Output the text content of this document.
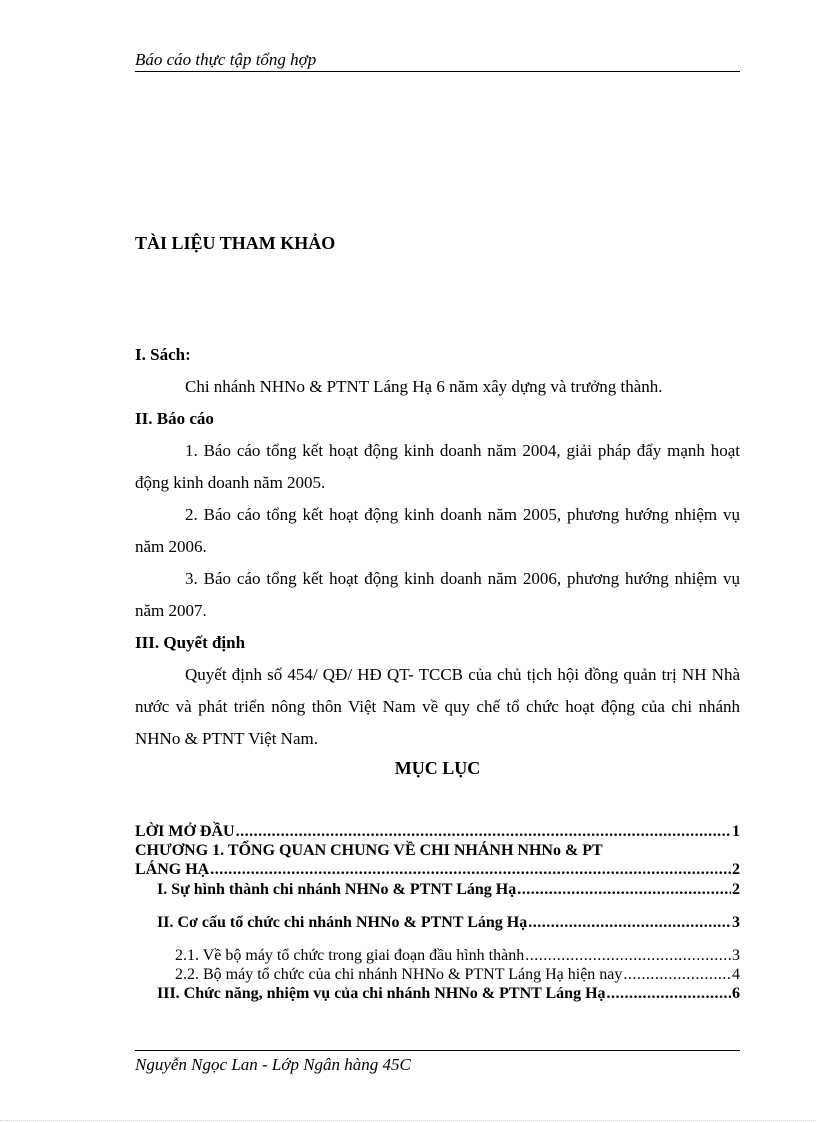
Báo cáo thực tập tổng hợp
TÀI LIỆU THAM KHẢO
I. Sách:
Chi nhánh NHNo & PTNT Láng Hạ 6 năm xây dựng và trưởng thành.
II. Báo cáo
1. Báo cáo tổng kết hoạt động kinh doanh năm 2004, giải pháp đẩy mạnh hoạt động kinh doanh năm 2005.
2. Báo cáo tổng kết hoạt động kinh doanh năm 2005, phương hướng nhiệm vụ năm 2006.
3. Báo cáo tổng kết hoạt động kinh doanh năm 2006, phương hướng nhiệm vụ năm 2007.
III. Quyết định
Quyết định số 454/ QĐ/ HĐ QT- TCCB của chủ tịch hội đồng quản trị NH Nhà nước và phát triển nông thôn Việt Nam về quy chế tổ chức hoạt động của chi nhánh NHNo & PTNT Việt Nam.
MỤC LỤC
LỜI MỞ ĐẦU .....	1
CHƯƠNG 1. TỔNG QUAN CHUNG VỀ CHI NHÁNH NHNo & PT
LÁNG HẠ .....	2
I. Sự hình thành chi nhánh NHNo & PTNT Láng Hạ .....	2
II. Cơ cấu tổ chức chi nhánh NHNo & PTNT Láng Hạ .....	3
2.1. Về bộ máy tổ chức trong giai đoạn đầu hình thành .....	3
2.2. Bộ máy tổ chức của chi nhánh NHNo & PTNT Láng Hạ hiện nay .....	4
III. Chức năng, nhiệm vụ của chi nhánh NHNo & PTNT Láng Hạ .....	6
Nguyễn Ngọc Lan - Lớp Ngân hàng 45C
